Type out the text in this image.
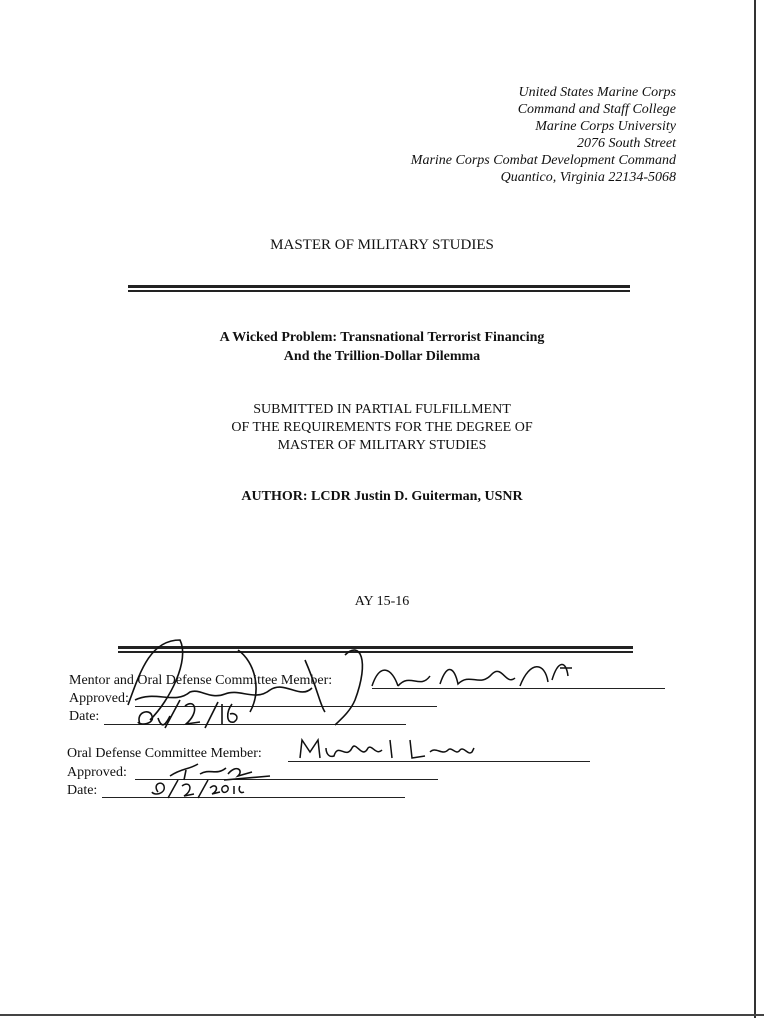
United States Marine Corps
Command and Staff College
Marine Corps University
2076 South Street
Marine Corps Combat Development Command
Quantico, Virginia 22134-5068
MASTER OF MILITARY STUDIES
A Wicked Problem: Transnational Terrorist Financing
And the Trillion-Dollar Dilemma
SUBMITTED IN PARTIAL FULFILLMENT
OF THE REQUIREMENTS FOR THE DEGREE OF
MASTER OF MILITARY STUDIES
AUTHOR: LCDR Justin D. Guiterman, USNR
AY 15-16
Mentor and Oral Defense Committee Member:
Approved:
Date:
Oral Defense Committee Member:
Approved:
Date:
